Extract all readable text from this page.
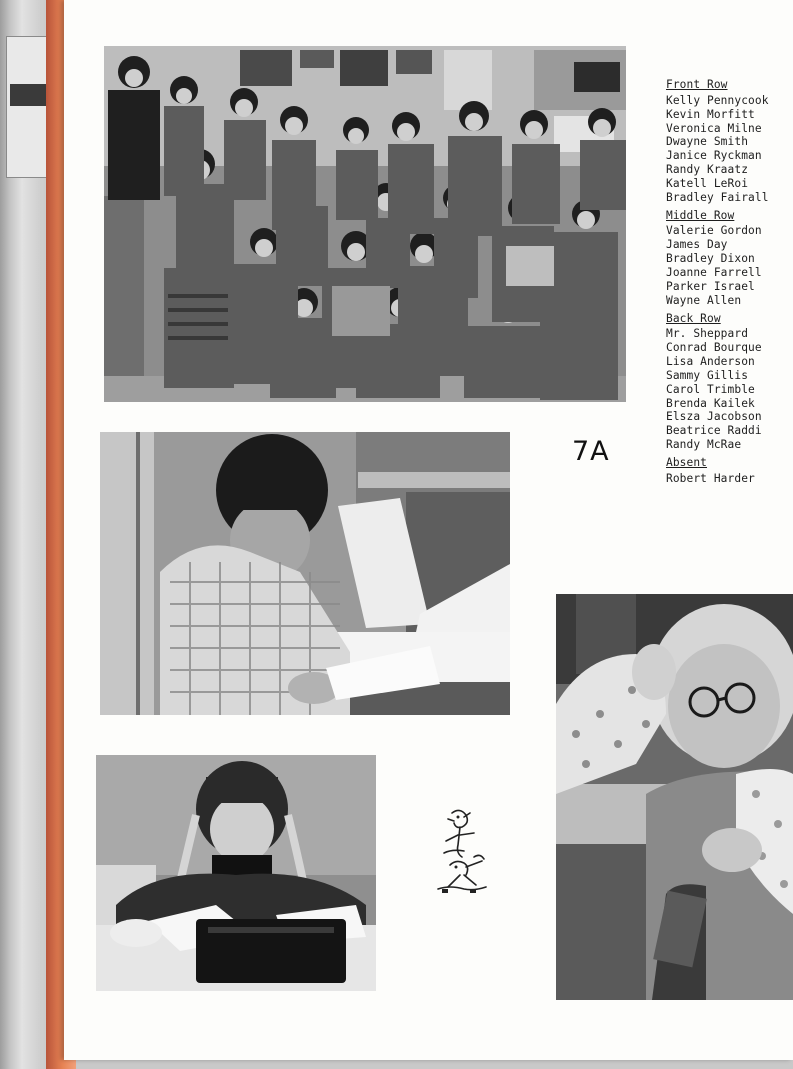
7A
Front Row
Kelly Pennycook
Kevin Morfitt
Veronica Milne
Dwayne Smith
Janice Ryckman
Randy Kraatz
Katell LeRoi
Bradley Fairall
Middle Row
Valerie Gordon
James Day
Bradley Dixon
Joanne Farrell
Parker Israel
Wayne Allen
Back Row
Mr. Sheppard
Conrad Bourque
Lisa Anderson
Sammy Gillis
Carol Trimble
Brenda Kailek
Elsza Jacobson
Beatrice Raddi
Randy McRae
Absent
Robert Harder
